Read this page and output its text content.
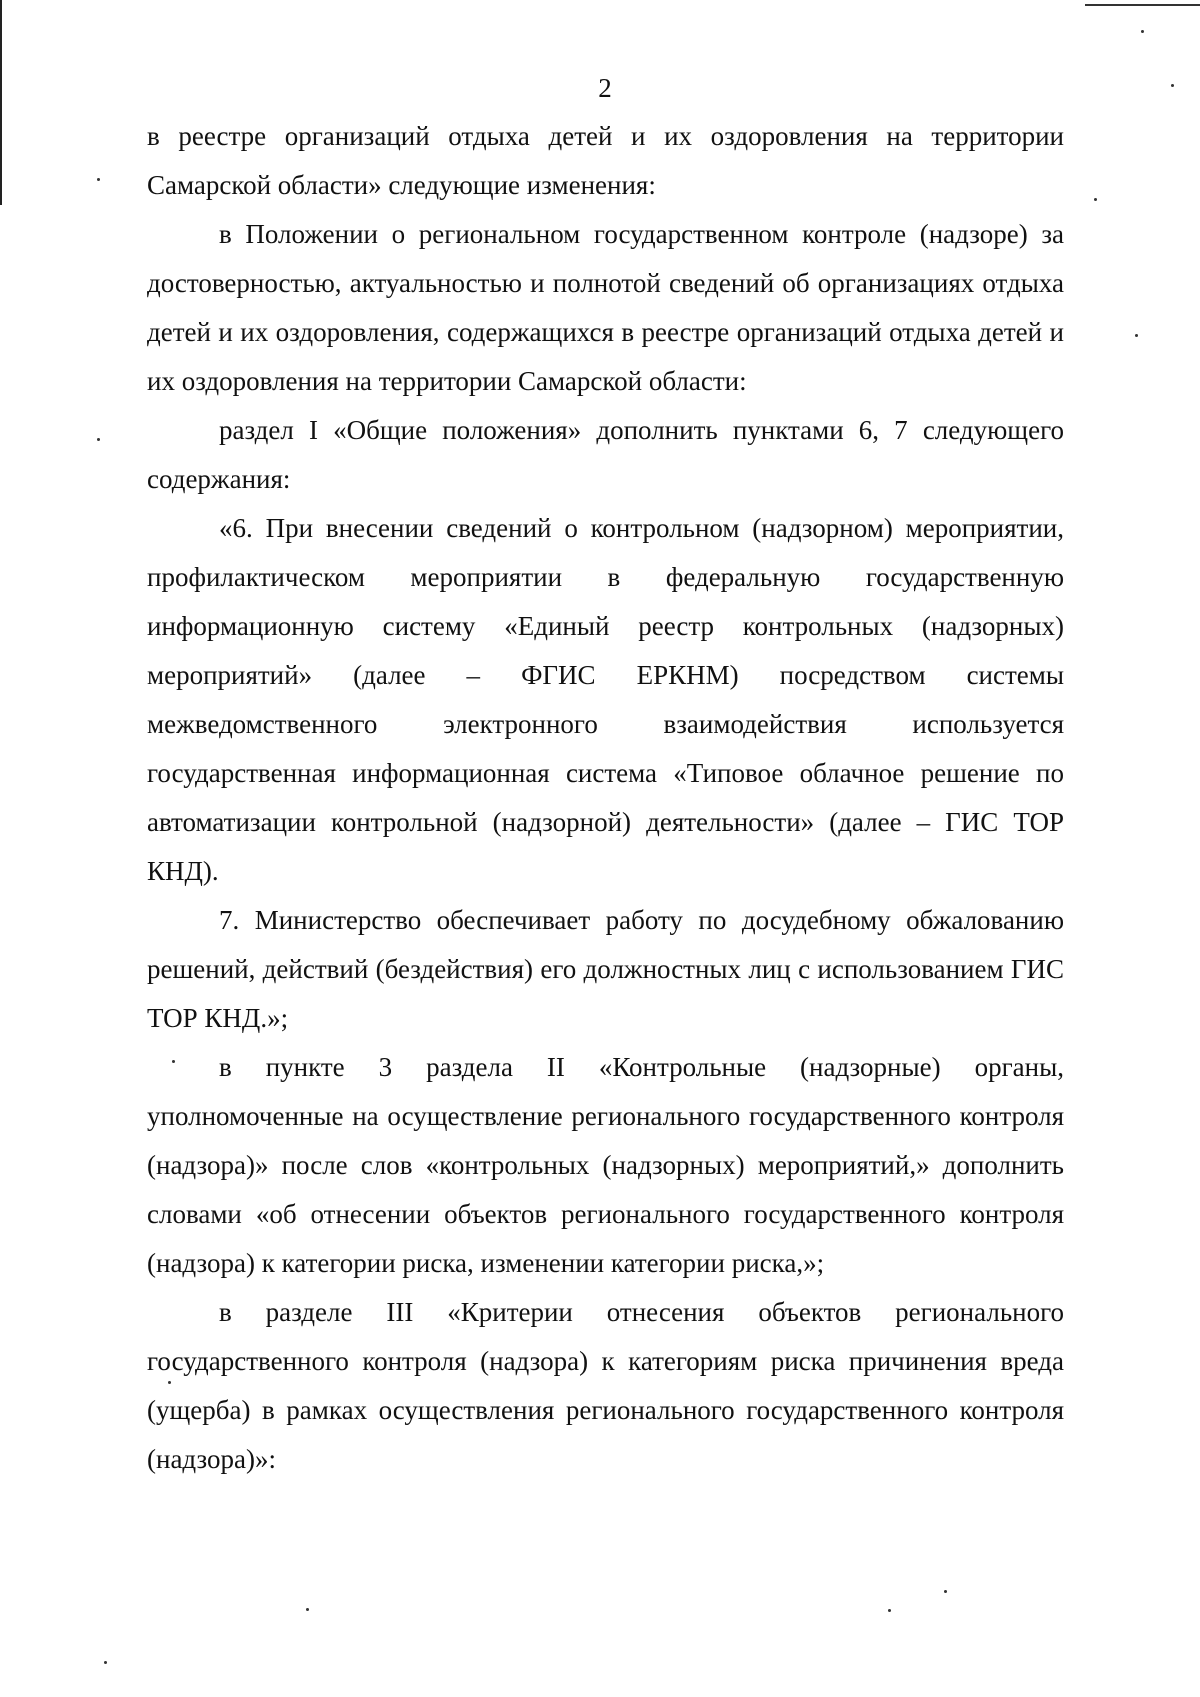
2

в реестре организаций отдыха детей и их оздоровления на территории Самарской области» следующие изменения:

в Положении о региональном государственном контроле (надзоре) за достоверностью, актуальностью и полнотой сведений об организациях отдыха детей и их оздоровления, содержащихся в реестре организаций отдыха детей и их оздоровления на территории Самарской области:

раздел I «Общие положения» дополнить пунктами 6, 7 следующего содержания:

«6. При внесении сведений о контрольном (надзорном) мероприятии, профилактическом мероприятии в федеральную государственную информационную систему «Единый реестр контрольных (надзорных) мероприятий» (далее – ФГИС ЕРКНМ) посредством системы межведомственного электронного взаимодействия используется государственная информационная система «Типовое облачное решение по автоматизации контрольной (надзорной) деятельности» (далее – ГИС ТОР КНД).

7. Министерство обеспечивает работу по досудебному обжалованию решений, действий (бездействия) его должностных лиц с использованием ГИС ТОР КНД.»;

в пункте 3 раздела II «Контрольные (надзорные) органы, уполномоченные на осуществление регионального государственного контроля (надзора)» после слов «контрольных (надзорных) мероприятий,» дополнить словами «об отнесении объектов регионального государственного контроля (надзора) к категории риска, изменении категории риска,»;

в разделе III «Критерии отнесения объектов регионального государственного контроля (надзора) к категориям риска причинения вреда (ущерба) в рамках осуществления регионального государственного контроля (надзора)»:
